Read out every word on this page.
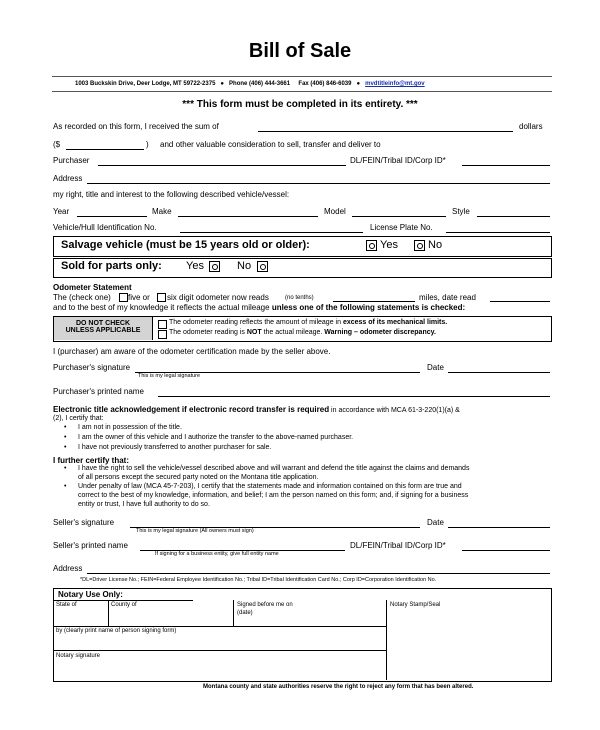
Bill of Sale
1003 Buckskin Drive, Deer Lodge, MT 59722-2375   ●   Phone (406) 444-3661 Fax (406) 846-6039   ●   mvdtitleinfo@mt.gov
*** This form must be completed in its entirety. ***
As recorded on this form, I received the sum of	dollars
($	) and other valuable consideration to sell, transfer and deliver to
Purchaser	DL/FEIN/Tribal ID/Corp ID*
Address
my right, title and interest to the following described vehicle/vessel:
Year	Make	Model	Style
Vehicle/Hull Identification No.	License Plate No.
Salvage vehicle (must be 15 years old or older):	Yes	No
Sold for parts only: Yes	No
Odometer Statement
The (check one) five or six digit odometer now reads	(no tenths)	miles, date read
and to the best of my knowledge it reflects the actual mileage unless one of the following statements is checked:
DO NOT CHECK
UNLESS APPLICABLE
The odometer reading reflects the amount of mileage in excess of its mechanical limits.
The odometer reading is NOT the actual mileage. Warning – odometer discrepancy.
I (purchaser) am aware of the odometer certification made by the seller above.
Purchaser's signature
This is my legal signature
Date
Purchaser's printed name
Electronic title acknowledgement if electronic record transfer is required in accordance with MCA 61-3-220(1)(a) &
(2), I certify that:
• I am not in possession of the title.
• I am the owner of this vehicle and I authorize the transfer to the above-named purchaser.
• I have not previously transferred to another purchaser for sale.
I further certify that:
• I have the right to sell the vehicle/vessel described above and will warrant and defend the title against the claims and demands
of all persons except the secured party noted on the Montana title application.
• Under penalty of law (MCA 45-7-203), I certify that the statements made and information contained on this form are true and
correct to the best of my knowledge, information, and belief; I am the person named on this form; and, if signing for a business
entity or trust, I have full authority to do so.
Seller's signature
This is my legal signature (All owners must sign)
Date
Seller's printed name
If signing for a business entity, give full entity name
DL/FEIN/Tribal ID/Corp ID*
Address
*DL=Driver License No.; FEIN=Federal Employee Identification No.; Tribal ID=Tribal Identification Card No.; Corp ID=Corporation Identification No.
Notary Use Only:
State of	County of	Signed before me on
(date)
Notary Stamp/Seal
by (clearly print name of person signing form)
Notary signature
Montana county and state authorities reserve the right to reject any form that has been altered.
